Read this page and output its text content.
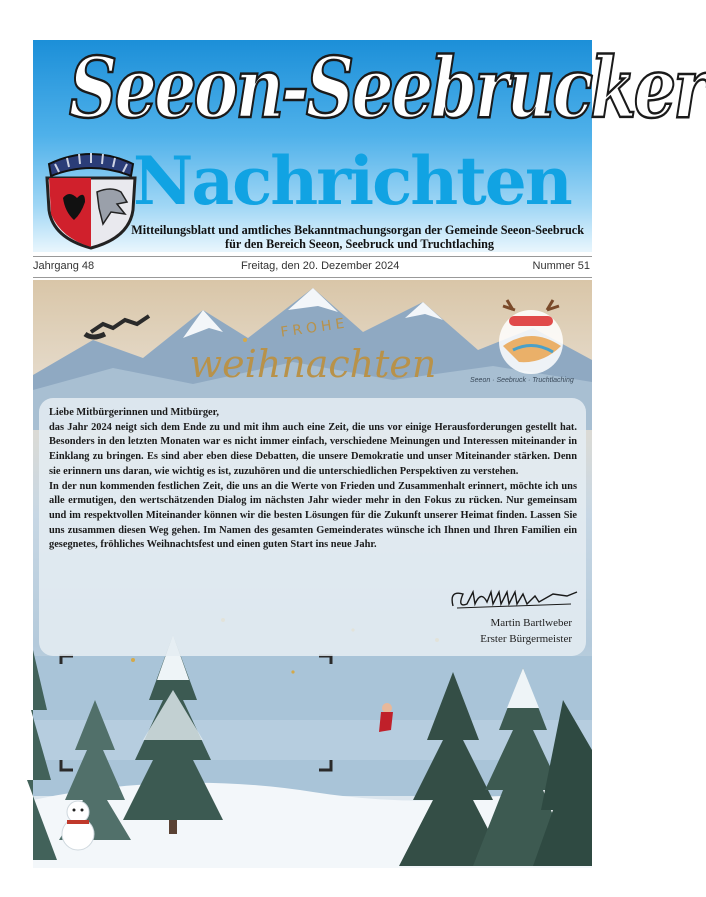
Seeon-Seebrucker
Nachrichten
Mitteilungsblatt und amtliches Bekanntmachungsorgan der Gemeinde Seeon-Seebruck
für den Bereich Seeon, Seebruck und Truchtlaching
Jahrgang 48	Freitag, den 20. Dezember 2024	Nummer 51
FROHE
weihnachten	Seeon · Seebruck · Truchtlaching

Liebe Mitbürgerinnen und Mitbürger,

das Jahr 2024 neigt sich dem Ende zu und mit ihm auch eine Zeit, die uns vor einige Herausforderungen gestellt hat. Besonders in den letzten Monaten war es nicht immer einfach, verschiedene Meinungen und Interessen miteinander in Einklang zu bringen. Es sind aber eben diese Debatten, die unsere Demokratie und unser Miteinander stärken. Denn sie erinnern uns daran, wie wichtig es ist, zuzuhören und die unterschiedlichen Perspektiven zu verstehen.

In der nun kommenden festlichen Zeit, die uns an die Werte von Frieden und Zusammenhalt erinnert, möchte ich uns alle ermutigen, den wertschätzenden Dialog im nächsten Jahr wieder mehr in den Fokus zu rücken. Nur gemeinsam und im respektvollen Miteinander können wir die besten Lösungen für die Zukunft unserer Heimat finden. Lassen Sie uns zusammen diesen Weg gehen. Im Namen des gesamten Gemeinderates wünsche ich Ihnen und Ihren Familien ein gesegnetes, fröhliches Weihnachtsfest und einen guten Start ins neue Jahr.

Martin Bartlweber
Erster Bürgermeister
